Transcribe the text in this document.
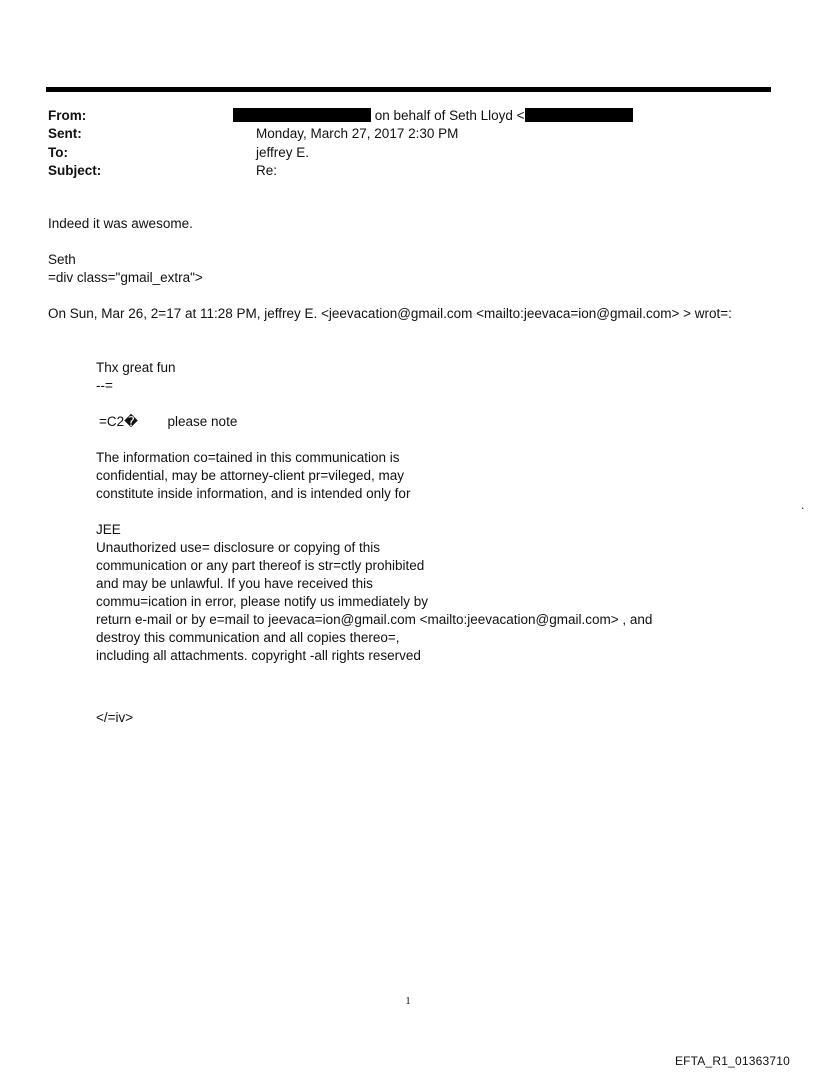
From:	on behalf of Seth Lloyd <
Sent:	Monday, March 27, 2017 2:30 PM
To:	jeffrey E.
Subject:	Re:
Indeed it was awesome.
Seth
=div class="gmail_extra">
On Sun, Mar 26, 2=17 at 11:28 PM, jeffrey E. <jeevacation@gmail.com <mailto:jeevaca=ion@gmail.com> > wrot=:
Thx great fun
--=
=C2� please note
The information co=tained in this communication is
confidential, may be attorney-client pr=vileged, may
constitute inside information, and is intended only for
JEE
Unauthorized use= disclosure or copying of this
communication or any part thereof is str=ctly prohibited
and may be unlawful. If you have received this
commu=ication in error, please notify us immediately by
return e-mail or by e=mail to jeevaca=ion@gmail.com <mailto:jeevacation@gmail.com> , and
destroy this communication and all copies thereo=,
including all attachments. copyright -all rights reserved
</=iv>
.
1
EFTA_R1_01363710
